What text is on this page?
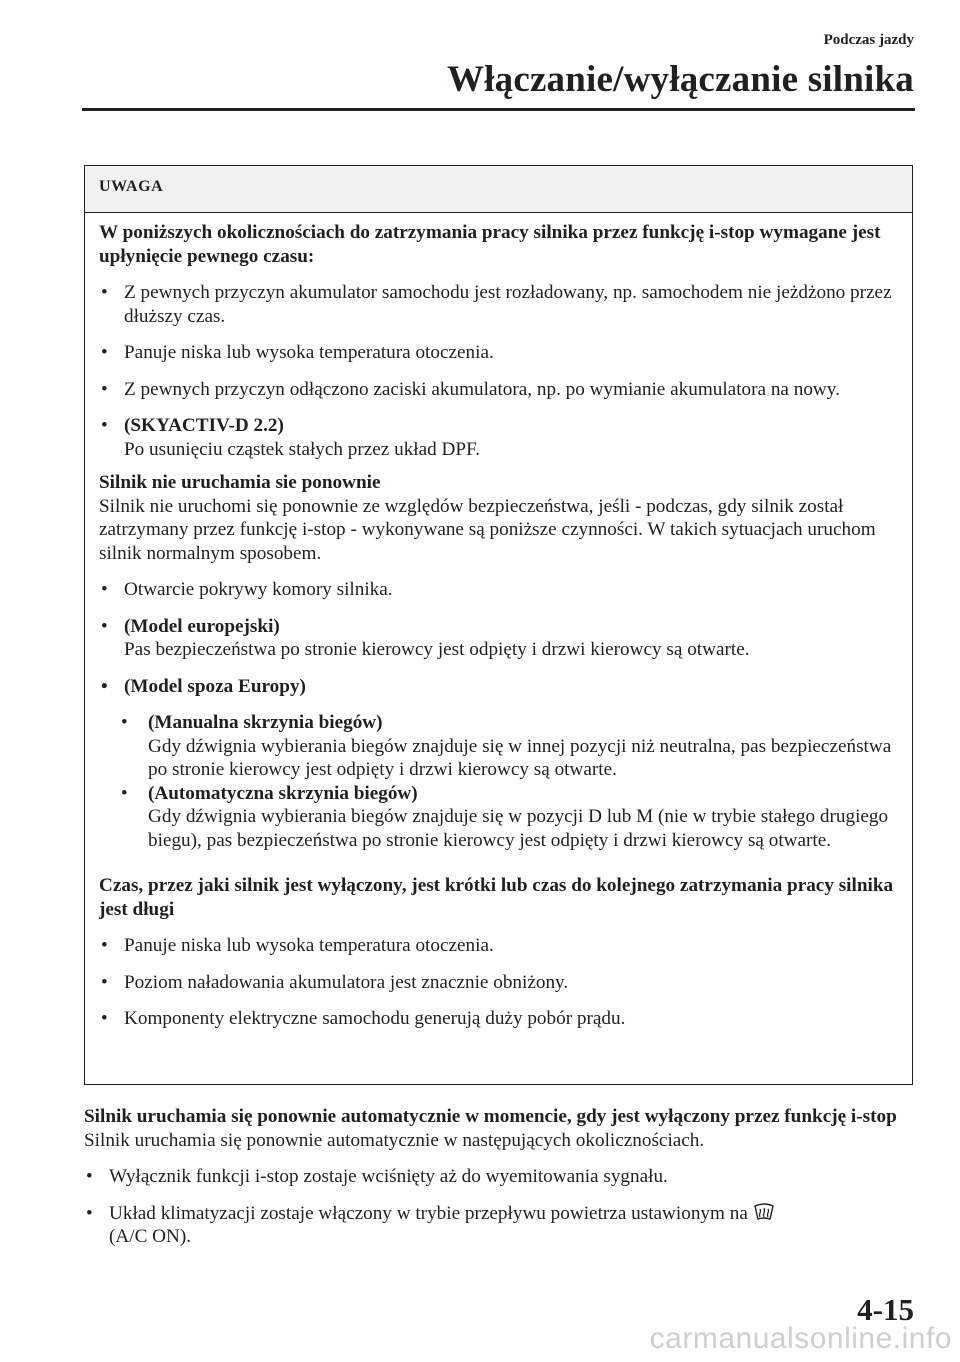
Podczas jazdy
Włączanie/wyłączanie silnika
UWAGA

W poniższych okolicznościach do zatrzymania pracy silnika przez funkcję i-stop wymagane jest upłynięcie pewnego czasu:

• Z pewnych przyczyn akumulator samochodu jest rozładowany, np. samochodem nie jeżdżono przez dłuższy czas.

• Panuje niska lub wysoka temperatura otoczenia.

• Z pewnych przyczyn odłączono zaciski akumulatora, np. po wymianie akumulatora na nowy.

• (SKYACTIV-D 2.2)

Po usunięciu cząstek stałych przez układ DPF.

Silnik nie uruchamia sie ponownie

Silnik nie uruchomi się ponownie ze względów bezpieczeństwa, jeśli - podczas, gdy silnik został zatrzymany przez funkcję i-stop - wykonywane są poniższe czynności. W takich sytuacjach uruchom silnik normalnym sposobem.

• Otwarcie pokrywy komory silnika.

• (Model europejski)

Pas bezpieczeństwa po stronie kierowcy jest odpięty i drzwi kierowcy są otwarte.

• (Model spoza Europy)

• (Manualna skrzynia biegów)

Gdy dźwignia wybierania biegów znajduje się w innej pozycji niż neutralna, pas bezpieczeństwa po stronie kierowcy jest odpięty i drzwi kierowcy są otwarte.

• (Automatyczna skrzynia biegów)

Gdy dźwignia wybierania biegów znajduje się w pozycji D lub M (nie w trybie stałego drugiego biegu), pas bezpieczeństwa po stronie kierowcy jest odpięty i drzwi kierowcy są otwarte.

Czas, przez jaki silnik jest wyłączony, jest krótki lub czas do kolejnego zatrzymania pracy silnika jest długi

• Panuje niska lub wysoka temperatura otoczenia.

• Poziom naładowania akumulatora jest znacznie obniżony.

• Komponenty elektryczne samochodu generują duży pobór prądu.

Silnik uruchamia się ponownie automatycznie w momencie, gdy jest wyłączony przez funkcję i-stop

Silnik uruchamia się ponownie automatycznie w następujących okolicznościach.

• Wyłącznik funkcji i-stop zostaje wciśnięty aż do wyemitowania sygnału.

• Układ klimatyzacji zostaje włączony w trybie przepływu powietrza ustawionym na
(A/C ON).

4-15
carmanualsonline.info
